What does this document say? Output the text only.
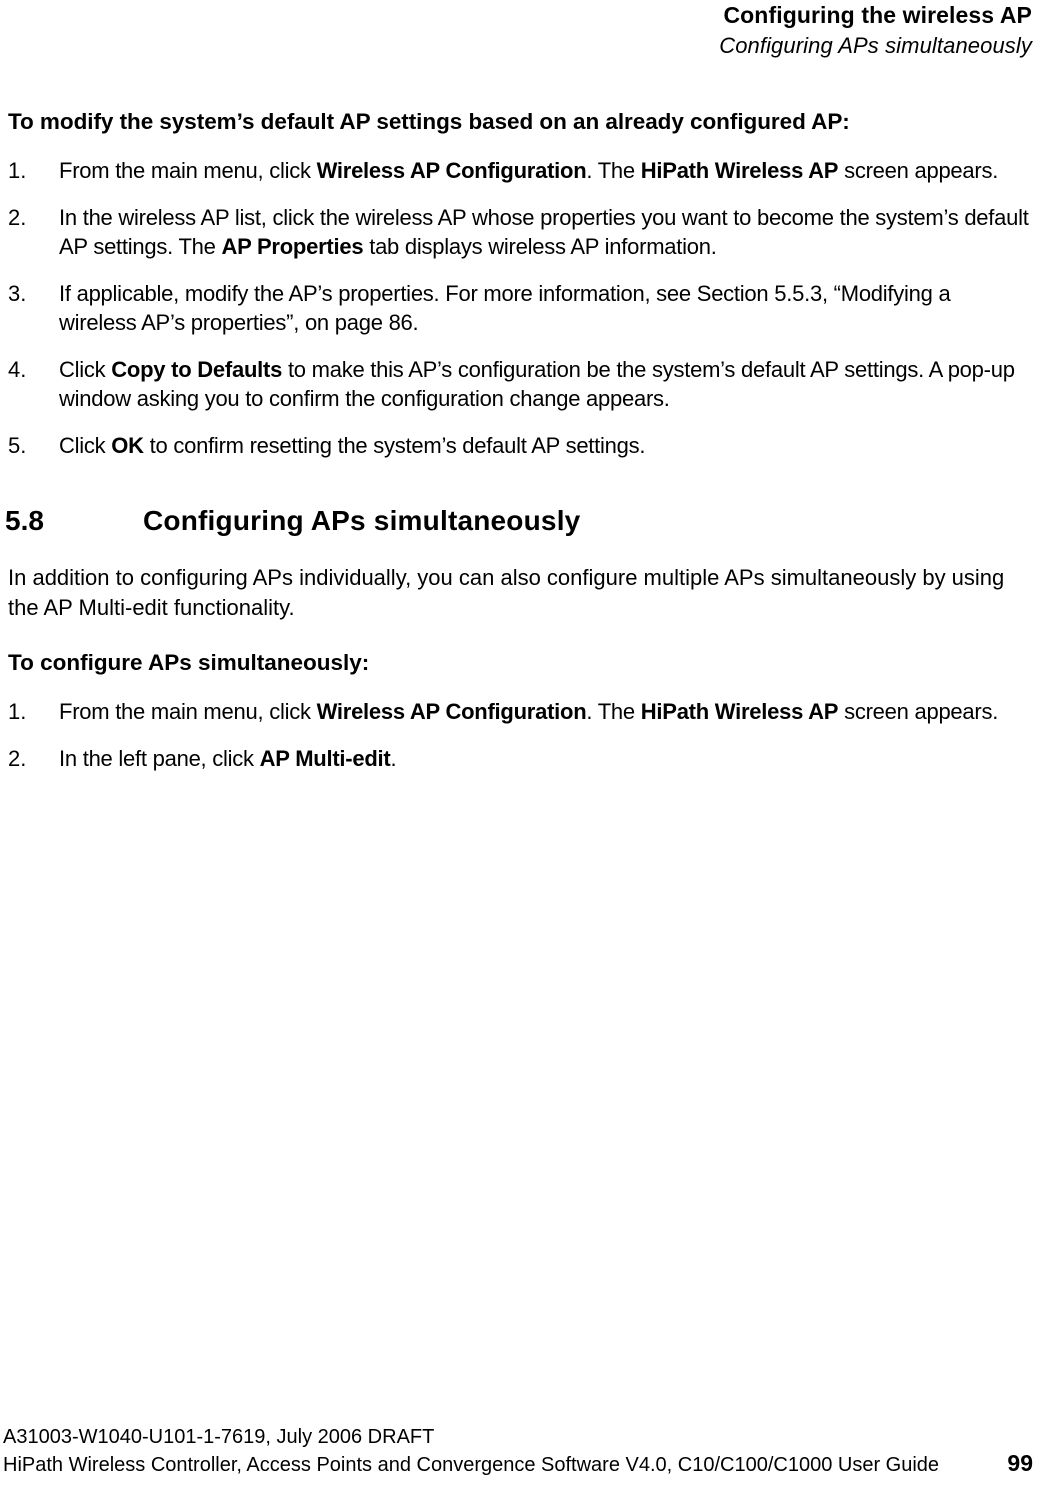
Configuring the wireless AP
Configuring APs simultaneously
To modify the system’s default AP settings based on an already configured AP:
1.	From the main menu, click Wireless AP Configuration. The HiPath Wireless AP screen appears.
2.	In the wireless AP list, click the wireless AP whose properties you want to become the system’s default AP settings. The AP Properties tab displays wireless AP information.
3.	If applicable, modify the AP’s properties. For more information, see Section 5.5.3, “Modifying a wireless AP’s properties”, on page 86.
4.	Click Copy to Defaults to make this AP’s configuration be the system’s default AP settings. A pop-up window asking you to confirm the configuration change appears.
5.	Click OK to confirm resetting the system’s default AP settings.
5.8	Configuring APs simultaneously

In addition to configuring APs individually, you can also configure multiple APs simultaneously by using the AP Multi-edit functionality.

To configure APs simultaneously:
1.	From the main menu, click Wireless AP Configuration. The HiPath Wireless AP screen appears.
2.	In the left pane, click AP Multi-edit.
A31003-W1040-U101-1-7619, July 2006 DRAFT
HiPath Wireless Controller, Access Points and Convergence Software V4.0, C10/C100/C1000 User Guide	99
